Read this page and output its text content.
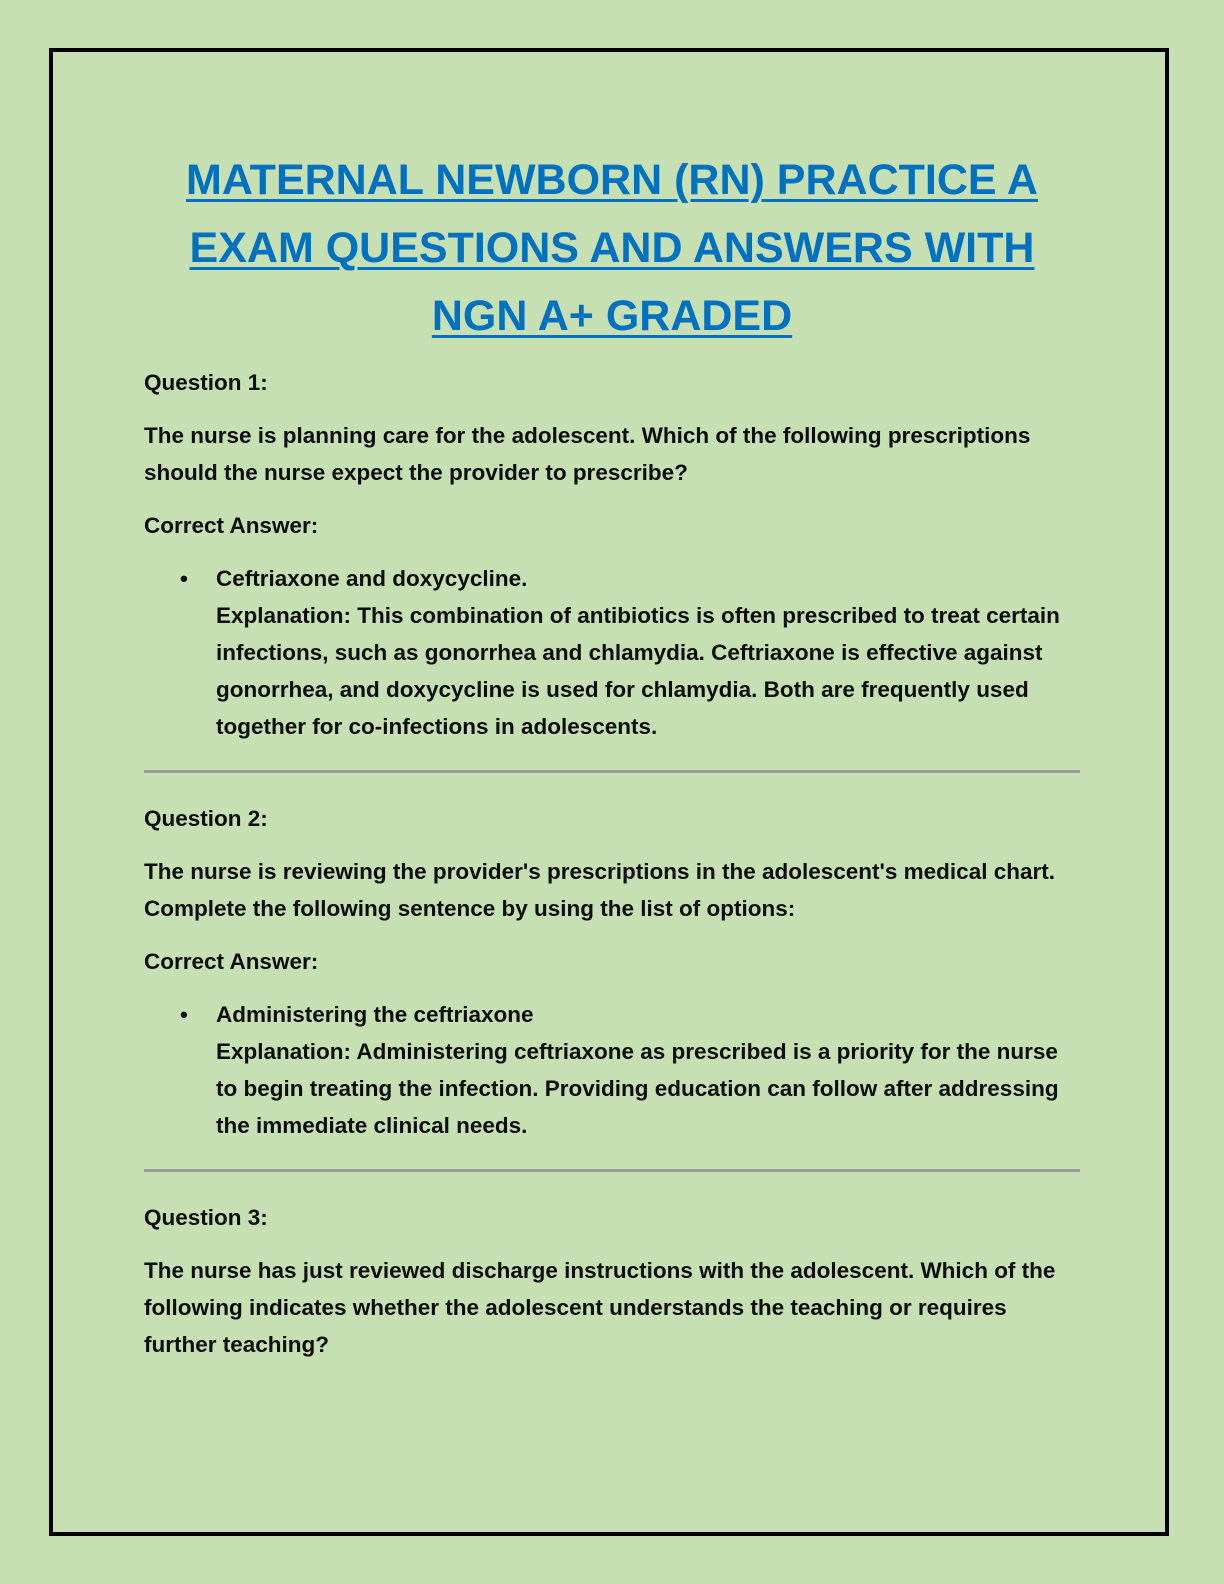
MATERNAL NEWBORN (RN) PRACTICE A
EXAM QUESTIONS AND ANSWERS WITH
NGN A+ GRADED

Question 1:

The nurse is planning care for the adolescent. Which of the following prescriptions should the nurse expect the provider to prescribe?

Correct Answer:

• Ceftriaxone and doxycycline.
Explanation: This combination of antibiotics is often prescribed to treat certain infections, such as gonorrhea and chlamydia. Ceftriaxone is effective against gonorrhea, and doxycycline is used for chlamydia. Both are frequently used together for co-infections in adolescents.

Question 2:

The nurse is reviewing the provider's prescriptions in the adolescent's medical chart. Complete the following sentence by using the list of options:

Correct Answer:

• Administering the ceftriaxone
Explanation: Administering ceftriaxone as prescribed is a priority for the nurse to begin treating the infection. Providing education can follow after addressing the immediate clinical needs.

Question 3:

The nurse has just reviewed discharge instructions with the adolescent. Which of the following indicates whether the adolescent understands the teaching or requires further teaching?
